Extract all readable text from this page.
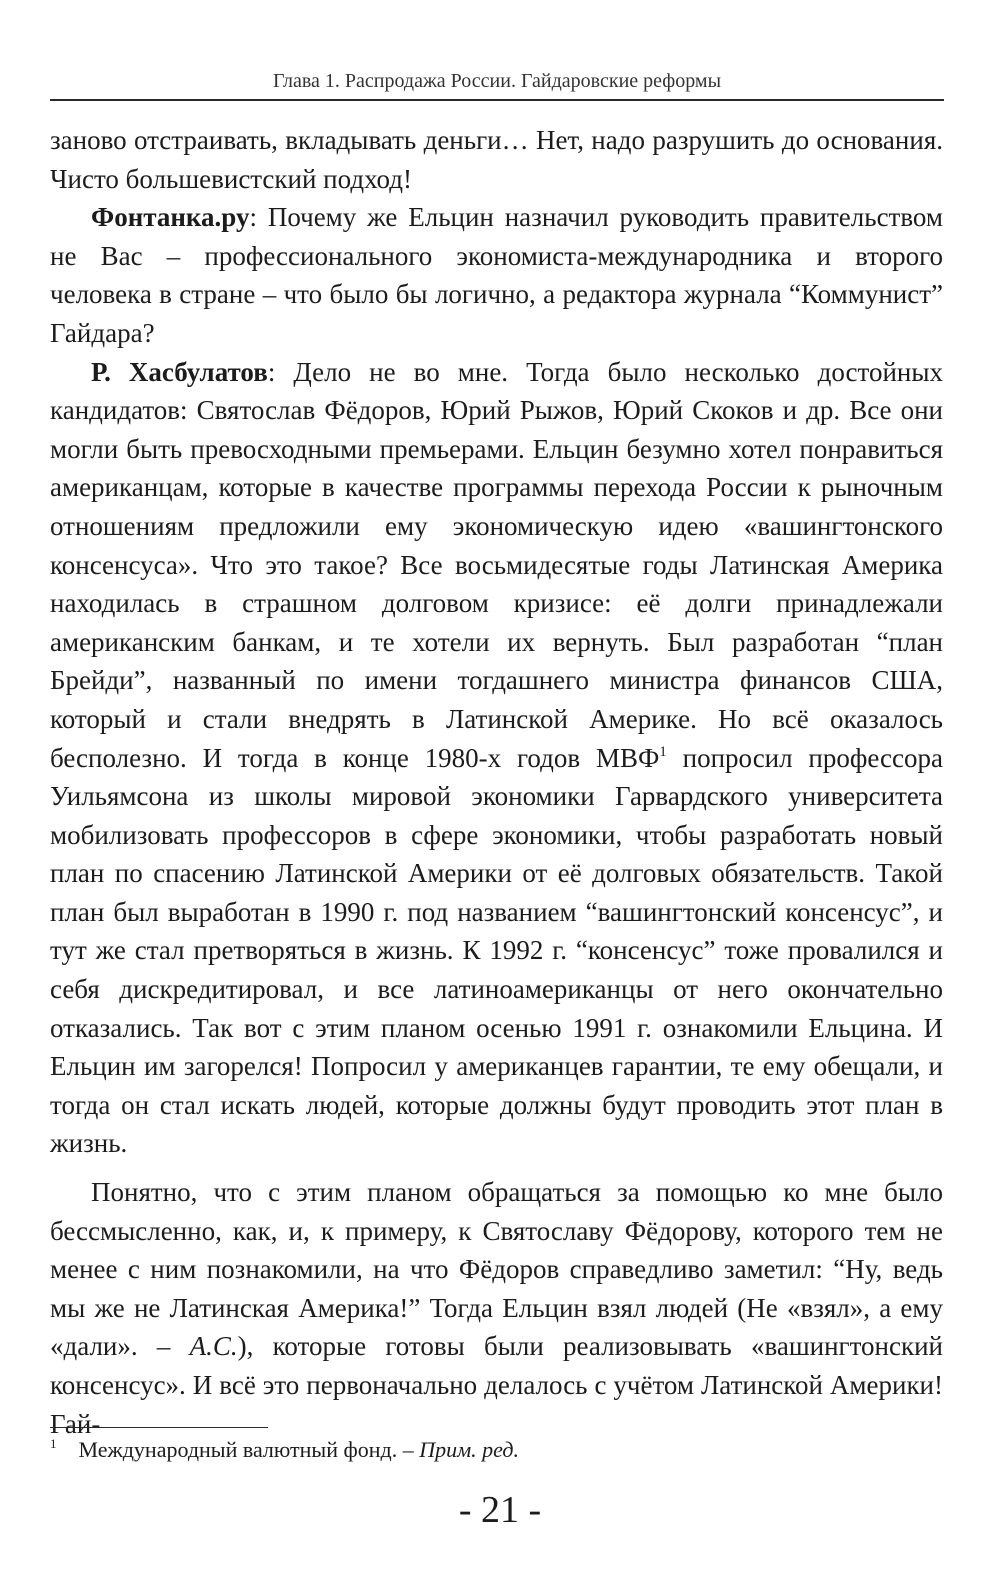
Глава 1. Распродажа России. Гайдаровские реформы

заново отстраивать, вкладывать деньги… Нет, надо разрушить до основания. Чисто большевистский подход!

Фонтанка.ру: Почему же Ельцин назначил руководить правительством не Вас – профессионального экономиста-международника и второго человека в стране – что было бы логично, а редактора журнала “Коммунист” Гайдара?

Р. Хасбулатов: Дело не во мне. Тогда было несколько достойных кандидатов: Святослав Фёдоров, Юрий Рыжов, Юрий Скоков и др. Все они могли быть превосходными премьерами. Ельцин безумно хотел понравиться американцам, которые в качестве программы перехода России к рыночным отношениям предложили ему экономическую идею «вашингтонского консенсуса». Что это такое? Все восьмидесятые годы Латинская Америка находилась в страшном долговом кризисе: её долги принадлежали американским банкам, и те хотели их вернуть. Был разработан “план Брейди”, названный по имени тогдашнего министра финансов США, который и стали внедрять в Латинской Америке. Но всё оказалось бесполезно. И тогда в конце 1980-х годов МВФ$^1$ попросил профессора Уильямсона из школы мировой экономики Гарвардского университета мобилизовать профессоров в сфере экономики, чтобы разработать новый план по спасению Латинской Америки от её долговых обязательств. Такой план был выработан в 1990 г. под названием “вашингтонский консенсус”, и тут же стал претворяться в жизнь. К 1992 г. “консенсус” тоже провалился и себя дискредитировал, и все латиноамериканцы от него окончательно отказались. Так вот с этим планом осенью 1991 г. ознакомили Ельцина. И Ельцин им загорелся! Попросил у американцев гарантии, те ему обещали, и тогда он стал искать людей, которые должны будут проводить этот план в жизнь.

Понятно, что с этим планом обращаться за помощью ко мне было бессмысленно, как, и, к примеру, к Святославу Фёдорову, которого тем не менее с ним познакомили, на что Фёдоров справедливо заметил: “Ну, ведь мы же не Латинская Америка!” Тогда Ельцин взял людей (Не «взял», а ему «дали». – А.С.), которые готовы были реализовывать «вашингтонский консенсус». И всё это первоначально делалось с учётом Латинской Америки! Гай-

$^1$ Международный валютный фонд. – Прим. ред.
- 21 -
